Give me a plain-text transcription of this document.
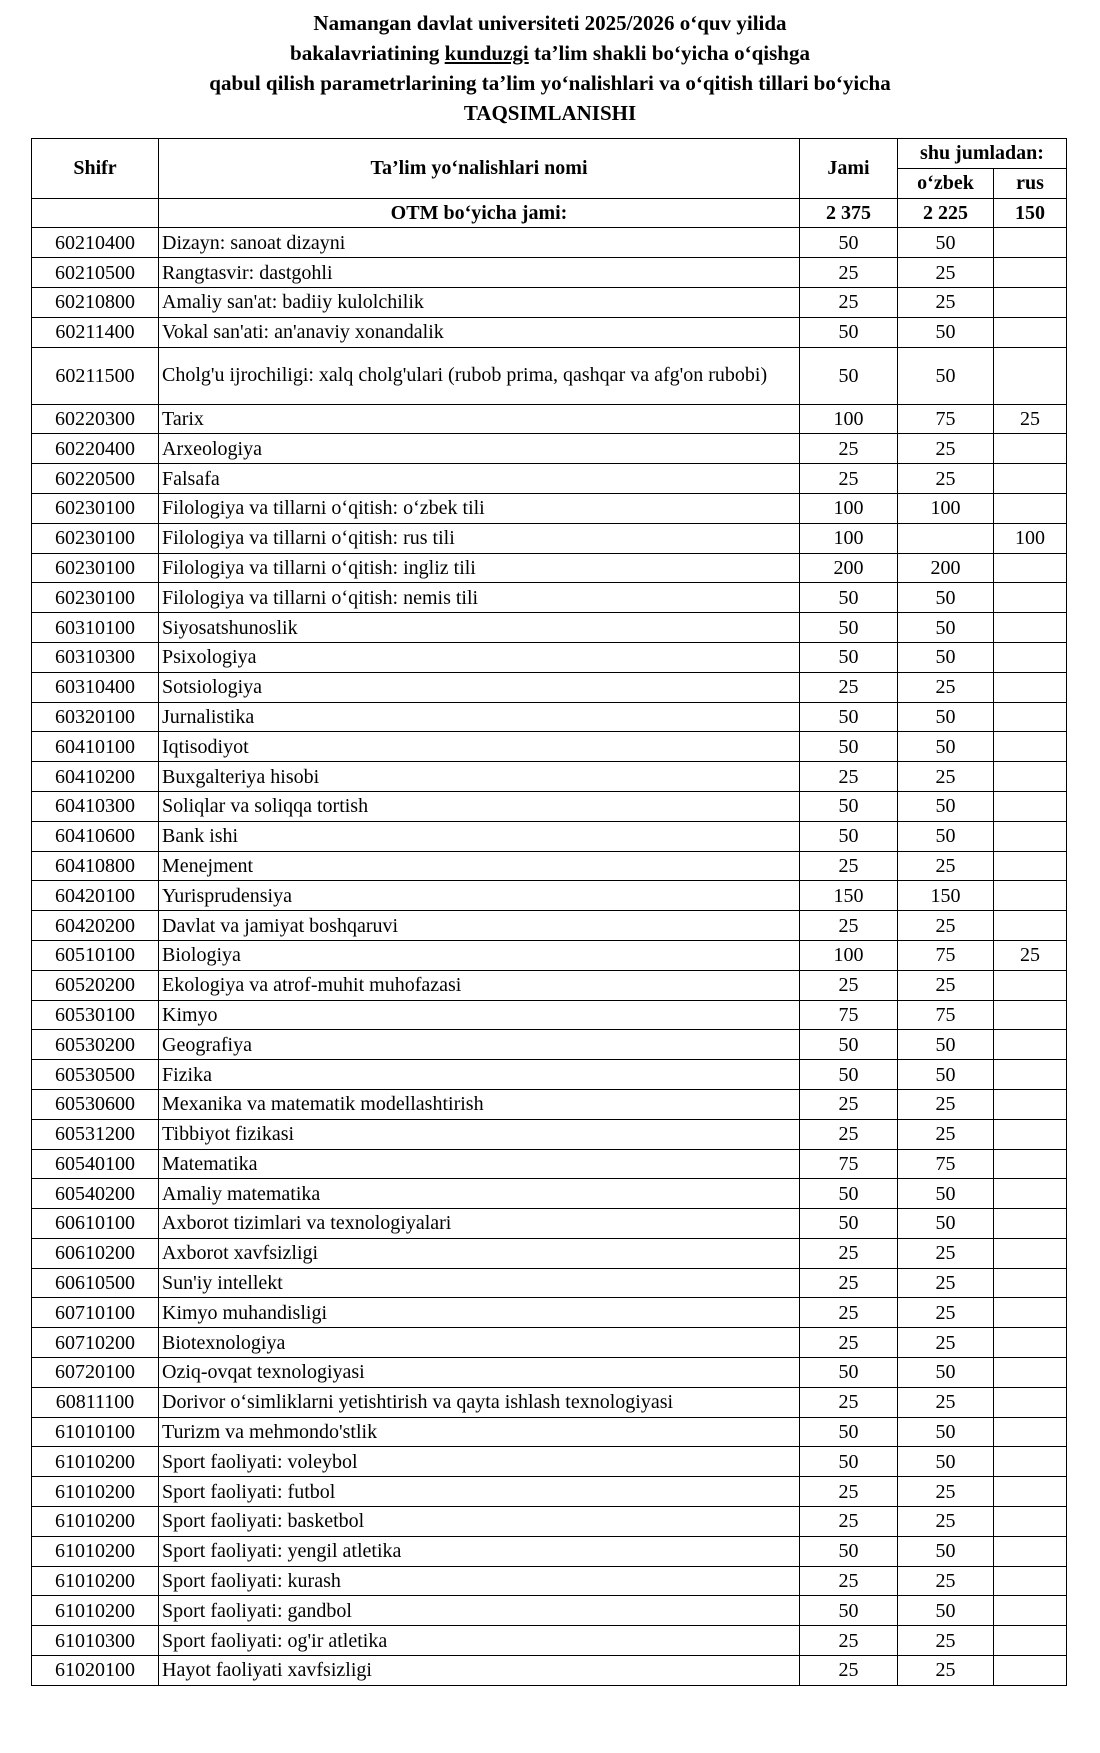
Namangan davlat universiteti 2025/2026 o‘quv yilida
bakalavriatining kunduzgi ta’lim shakli bo‘yicha o‘qishga
qabul qilish parametrlarining ta’lim yo‘nalishlari va o‘qitish tillari bo‘yicha
TAQSIMLANISHI
Shifr	Ta’lim yo‘nalishlari nomi	Jami	shu jumladan:	
			o‘zbek	rus
	OTM bo‘yicha jami:	2 375	2 225	150
60210400	Dizayn: sanoat dizayni	50	50	
60210500	Rangtasvir: dastgohli	25	25	
60210800	Amaliy san'at: badiiy kulolchilik	25	25	
60211400	Vokal san'ati: an'anaviy xonandalik	50	50	
60211500	Cholg'u ijrochiligi: xalq cholg'ulari (rubob prima, qashqar va afg'on rubobi)	50	50	
60220300	Tarix	100	75	25
60220400	Arxeologiya	25	25	
60220500	Falsafa	25	25	
60230100	Filologiya va tillarni o‘qitish: o‘zbek tili	100	100	
60230100	Filologiya va tillarni o‘qitish: rus tili	100		100
60230100	Filologiya va tillarni o‘qitish: ingliz tili	200	200	
60230100	Filologiya va tillarni o‘qitish: nemis tili	50	50	
60310100	Siyosatshunoslik	50	50	
60310300	Psixologiya	50	50	
60310400	Sotsiologiya	25	25	
60320100	Jurnalistika	50	50	
60410100	Iqtisodiyot	50	50	
60410200	Buxgalteriya hisobi	25	25	
60410300	Soliqlar va soliqqa tortish	50	50	
60410600	Bank ishi	50	50	
60410800	Menejment	25	25	
60420100	Yurisprudensiya	150	150	
60420200	Davlat va jamiyat boshqaruvi	25	25	
60510100	Biologiya	100	75	25
60520200	Ekologiya va atrof-muhit muhofazasi	25	25	
60530100	Kimyo	75	75	
60530200	Geografiya	50	50	
60530500	Fizika	50	50	
60530600	Mexanika va matematik modellashtirish	25	25	
60531200	Tibbiyot fizikasi	25	25	
60540100	Matematika	75	75	
60540200	Amaliy matematika	50	50	
60610100	Axborot tizimlari va texnologiyalari	50	50	
60610200	Axborot xavfsizligi	25	25	
60610500	Sun'iy intellekt	25	25	
60710100	Kimyo muhandisligi	25	25	
60710200	Biotexnologiya	25	25	
60720100	Oziq-ovqat texnologiyasi	50	50	
60811100	Dorivor o‘simliklarni yetishtirish va qayta ishlash texnologiyasi	25	25	
61010100	Turizm va mehmondo'stlik	50	50	
61010200	Sport faoliyati: voleybol	50	50	
61010200	Sport faoliyati: futbol	25	25	
61010200	Sport faoliyati: basketbol	25	25	
61010200	Sport faoliyati: yengil atletika	50	50	
61010200	Sport faoliyati: kurash	25	25	
61010200	Sport faoliyati: gandbol	50	50	
61010300	Sport faoliyati: og'ir atletika	25	25	
61020100	Hayot faoliyati xavfsizligi	25	25	
